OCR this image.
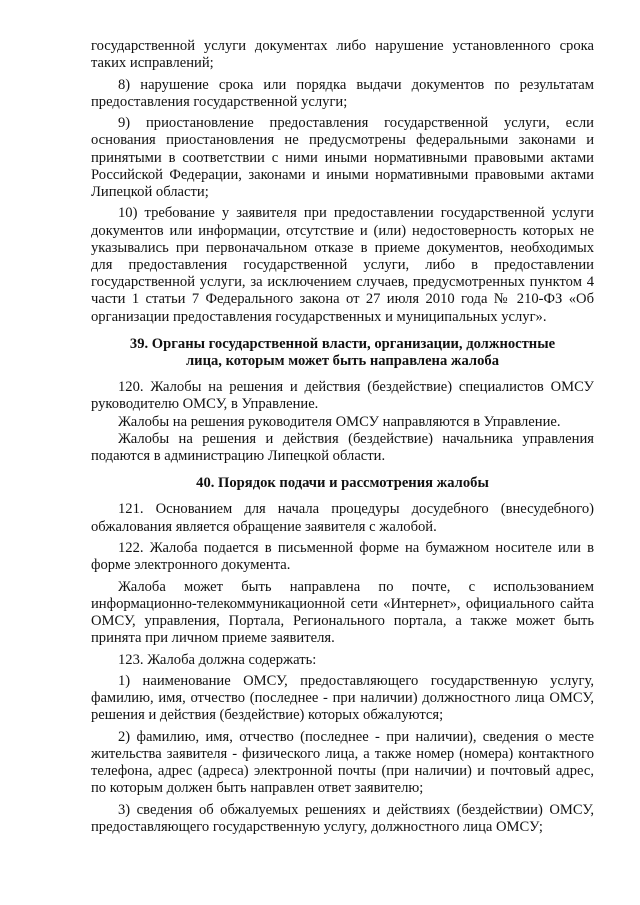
государственной услуги документах либо нарушение установленного срока таких исправлений;

8) нарушение срока или порядка выдачи документов по результатам предоставления государственной услуги;

9) приостановление предоставления государственной услуги, если основания приостановления не предусмотрены федеральными законами и принятыми в соответствии с ними иными нормативными правовыми актами Российской Федерации, законами и иными нормативными правовыми актами Липецкой области;

10) требование у заявителя при предоставлении государственной услуги документов или информации, отсутствие и (или) недостоверность которых не указывались при первоначальном отказе в приеме документов, необходимых для предоставления государственной услуги, либо в предоставлении государственной услуги, за исключением случаев, предусмотренных пунктом 4 части 1 статьи 7 Федерального закона от 27 июля 2010 года № 210-ФЗ «Об организации предоставления государственных и муниципальных услуг».

39. Органы государственной власти, организации, должностные
лица, которым может быть направлена жалоба

120. Жалобы на решения и действия (бездействие) специалистов ОМСУ руководителю ОМСУ, в Управление.

Жалобы на решения руководителя ОМСУ направляются в Управление.

Жалобы на решения и действия (бездействие) начальника управления подаются в администрацию Липецкой области.

40. Порядок подачи и рассмотрения жалобы

121. Основанием для начала процедуры досудебного (внесудебного) обжалования является обращение заявителя с жалобой.

122. Жалоба подается в письменной форме на бумажном носителе или в форме электронного документа.

Жалоба может быть направлена по почте, с использованием информационно-телекоммуникационной сети «Интернет», официального сайта ОМСУ, управления, Портала, Регионального портала, а также может быть принята при личном приеме заявителя.

123. Жалоба должна содержать:

1) наименование ОМСУ, предоставляющего государственную услугу, фамилию, имя, отчество (последнее - при наличии) должностного лица ОМСУ, решения и действия (бездействие) которых обжалуются;

2) фамилию, имя, отчество (последнее - при наличии), сведения о месте жительства заявителя - физического лица, а также номер (номера) контактного телефона, адрес (адреса) электронной почты (при наличии) и почтовый адрес, по которым должен быть направлен ответ заявителю;

3) сведения об обжалуемых решениях и действиях (бездействии) ОМСУ, предоставляющего государственную услугу, должностного лица ОМСУ;
